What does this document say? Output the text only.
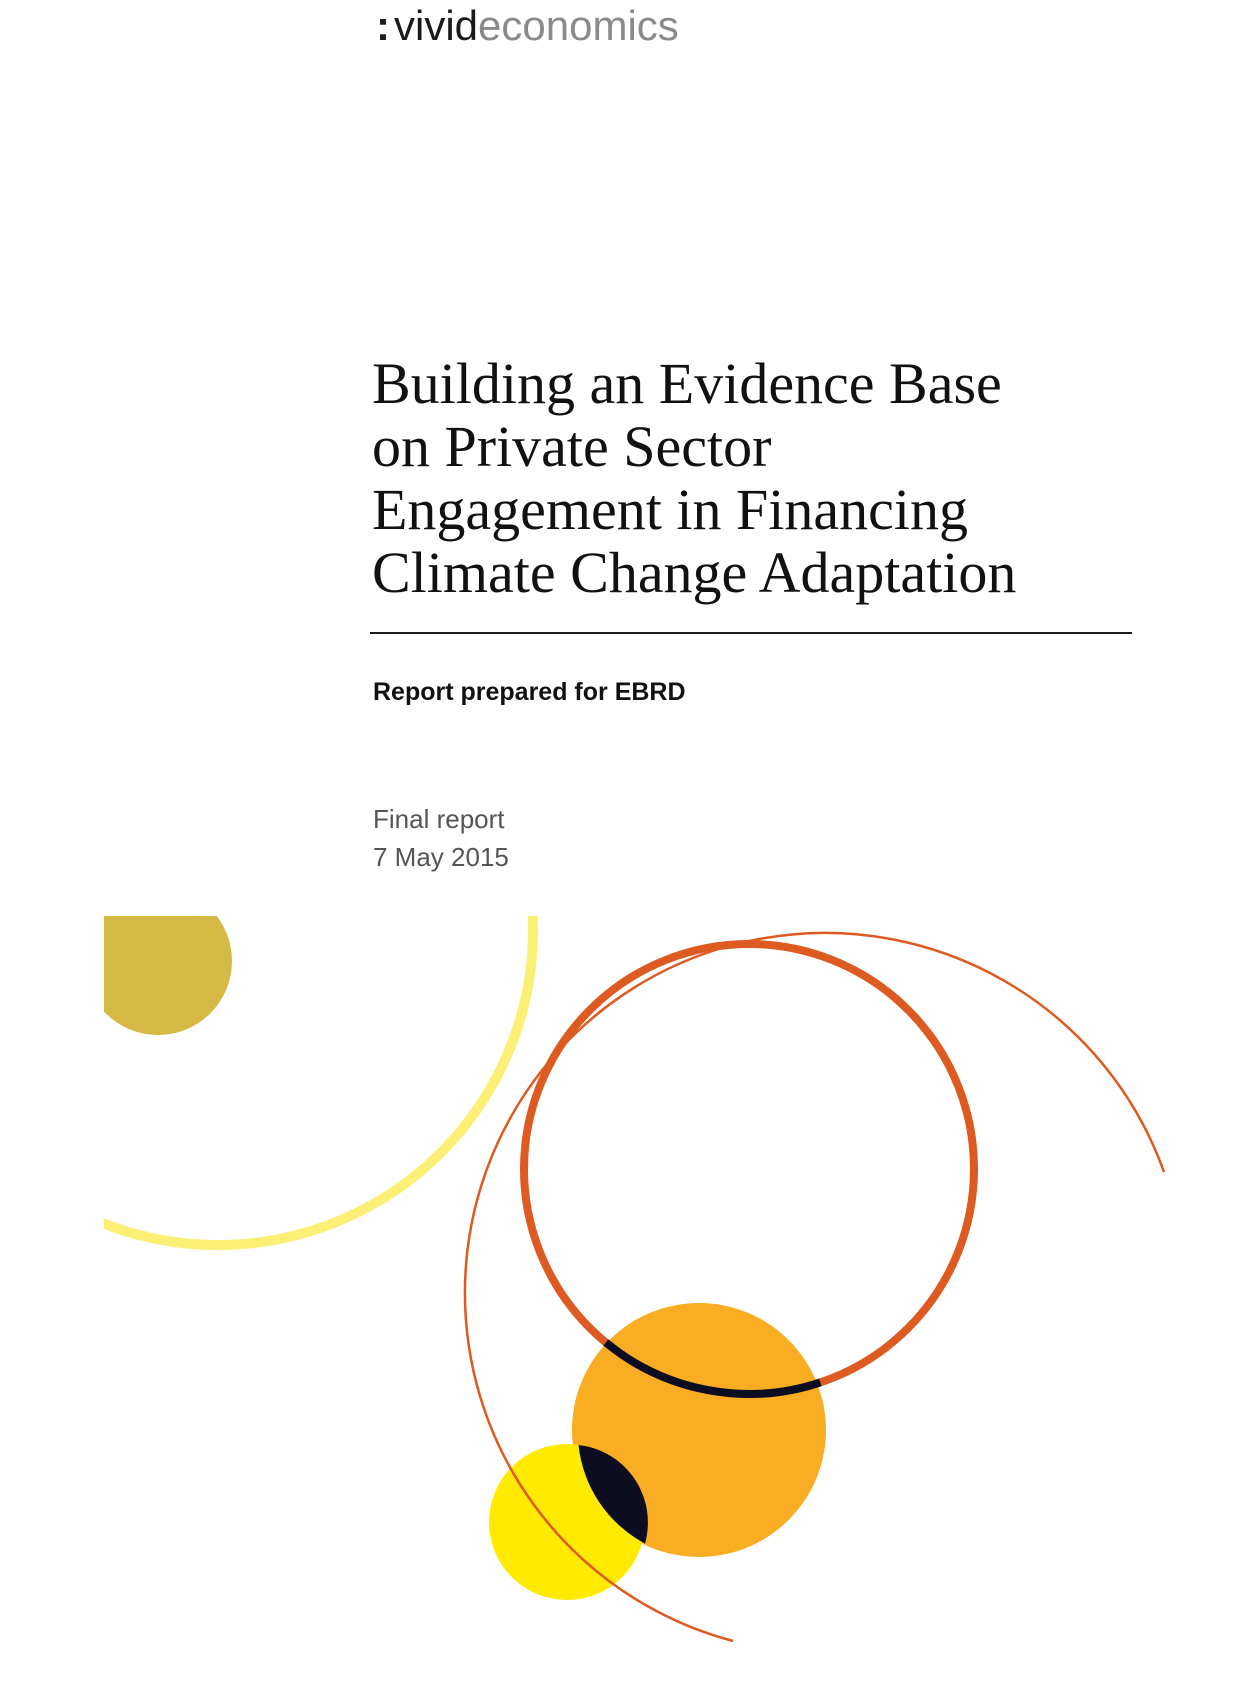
:vivideconomics
Building an Evidence Base
on Private Sector
Engagement in Financing
Climate Change Adaptation
Report prepared for EBRD
Final report
7 May 2015
